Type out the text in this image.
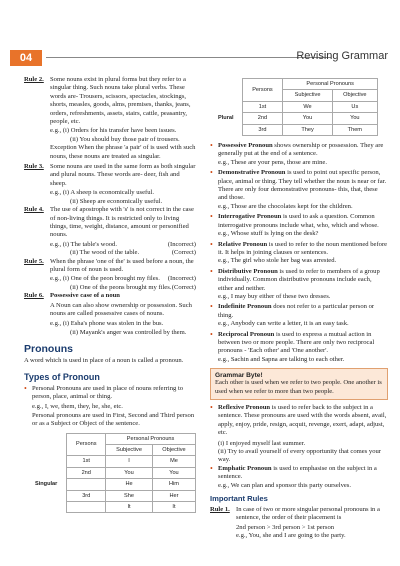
04	Revising Grammar
Rule 2. Some nouns exist in plural forms but they refer to a singular thing. Such nouns take plural verbs. These words are- Trousers, scissors, spectacles, stockings, shorts, measles, goods, alms, premises, thanks, jeans, orders, refreshments, assets, stairs, cattle, peasantry, people, etc.
e.g., (i) Orders for his transfer have been issues.
(ii) You should buy those pair of trousers.

Exception When the phrase 'a pair' of is used with such nouns, these nouns are treated as singular.

Rule 3. Some nouns are used in the same form as both singular and plural nouns. These words are- deer, fish and sheep.
e.g., (i) A sheep is economically useful.
(ii) Sheep are economically useful.
Rule 4. The use of apostrophe with 's' is not correct in the case of non-living things. It is restricted only to living things, time, weight, distance, amount or personified nouns.
e.g., (i) The table's wood.	(Incorrect)
(ii) The wood of the table.	(Correct)
Rule 5. When the phrase 'one of the' is used before a noun, the plural form of noun is used.
e.g., (i) One of the peon brought my files. (Incorrect)
(ii) One of the peons brought my files. (Correct)
Rule 6. Possessive case of a noun

A Noun can also show ownership or possession. Such nouns are called possessive cases of nouns.

e.g., (i) Esha's phone was stolen in the bus.
(ii) Mayank's anger was controlled by them.
Pronouns

A word which is used in place of a noun is called a pronoun.

Types of Pronoun
• Personal Pronouns are used in place of nouns referring to person, place, animal or thing.
e.g., I, we, them, they, he, she, etc.
Personal pronouns are used in First, Second and Third person or as a Subject or Object of the sentence.
	Persons	Personal Pronouns	
		Subjective	Objective
Singular	1st	I	Me
	2nd	You	You
		He	Him
	3rd	She	Her
		It	It
	Persons	Personal Pronouns	
		Subjective	Objective
Plural	1st	We	Us
	2nd	You	You
	3rd	They	Them
• Possessive Pronoun shows ownership or possession. They are generally put at the end of a sentence.
e.g., These are your pens, those are mine.
• Demonstrative Pronoun is used to point out specific person, place, animal or thing. They tell whether the noun is near or far. There are only four demonstrative pronouns- this, that, these and those.
e.g., Those are the chocolates kept for the children.
• Interrogative Pronoun is used to ask a question. Common interrogative pronouns include what, who, which and whose.
e.g., Whose stuff is lying on the desk?
• Relative Pronoun is used to refer to the noun mentioned before it. It helps in joining clauses or sentences.
e.g., The girl who stole her bag was arrested.
• Distributive Pronoun is used to refer to members of a group individually. Common distributive pronouns include each, either and neither.
e.g., I may buy either of these two dresses.
• Indefinite Pronoun does not refer to a particular person or thing.
e.g., Anybody can write a letter, it is an easy task.
• Reciprocal Pronoun is used to express a mutual action in between two or more people. There are only two reciprocal pronouns - 'Each other' and 'One another'.
e.g., Sachin and Sapna are talking to each other.
Grammar Byte!
Each other is used when we refer to two people. One another is used when we refer to more than two people.
• Reflexive Pronoun is used to refer back to the subject in a sentence. These pronouns are used with the words absent, avail, apply, enjoy, pride, resign, acquit, revenge, exert, adapt, adjust, etc.
(i) I enjoyed myself last summer.
(ii) Try to avail yourself of every opportunity that comes your way.
• Emphatic Pronoun is used to emphasise on the subject in a sentence.
e.g., We can plan and sponsor this party ourselves.
Important Rules
Rule 1. In case of two or more singular personal pronouns in a sentence, the order of their placement is
2nd person > 3rd person > 1st person
e.g., You, she and I are going to the party.
